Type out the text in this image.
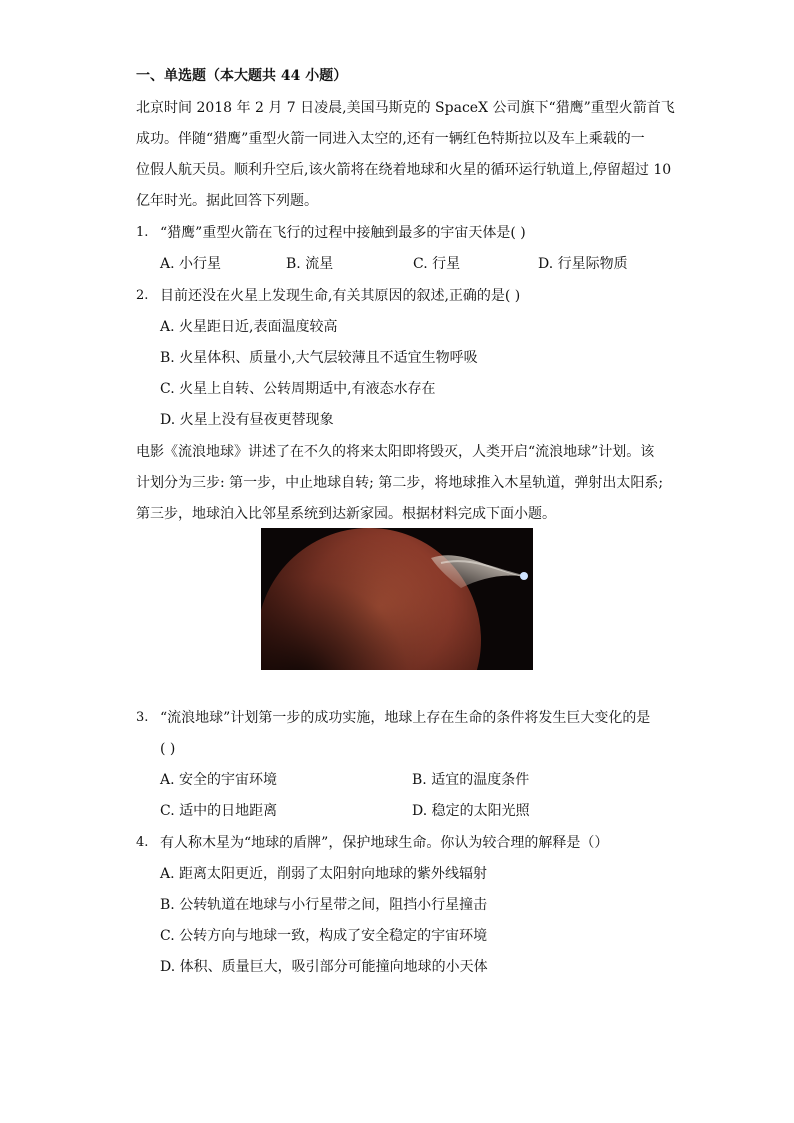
一、单选题（本大题共 44 小题）
北京时间 2018 年 2 月 7 日凌晨,美国马斯克的 SpaceX 公司旗下“猎鹰”重型火箭首飞
成功。伴随“猎鹰”重型火箭一同进入太空的,还有一辆红色特斯拉以及车上乘载的一
位假人航天员。顺利升空后,该火箭将在绕着地球和火星的循环运行轨道上,停留超过 10
亿年时光。据此回答下列题。
1. “猎鹰”重型火箭在飞行的过程中接触到最多的宇宙天体是( )
A. 小行星	B. 流星	C. 行星	D. 行星际物质
2. 目前还没在火星上发现生命,有关其原因的叙述,正确的是( )
A. 火星距日近,表面温度较高
B. 火星体积、质量小,大气层较薄且不适宜生物呼吸
C. 火星上自转、公转周期适中,有液态水存在
D. 火星上没有昼夜更替现象
电影《流浪地球》讲述了在不久的将来太阳即将毁灭，人类开启“流浪地球”计划。该
计划分为三步: 第一步，中止地球自转; 第二步，将地球推入木星轨道，弹射出太阳系;
第三步，地球泊入比邻星系统到达新家园。根据材料完成下面小题。
3. “流浪地球”计划第一步的成功实施，地球上存在生命的条件将发生巨大变化的是
( )
A. 安全的宇宙环境	B. 适宜的温度条件
C. 适中的日地距离	D. 稳定的太阳光照
4. 有人称木星为“地球的盾牌”，保护地球生命。你认为较合理的解释是（）
A. 距离太阳更近，削弱了太阳射向地球的紫外线辐射
B. 公转轨道在地球与小行星带之间，阻挡小行星撞击
C. 公转方向与地球一致，构成了安全稳定的宇宙环境
D. 体积、质量巨大，吸引部分可能撞向地球的小天体
